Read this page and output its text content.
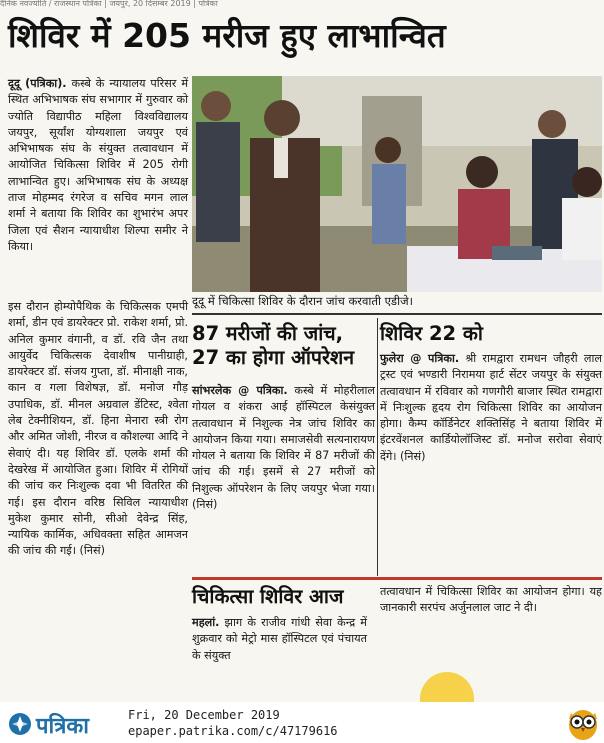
दैनिक नवज्योति / राजस्थान पत्रिका | जयपुर, 20 दिसम्बर 2019 | पत्रिका
शिविर में 205 मरीज हुए लाभान्वित
दूदू (पत्रिका). कस्बे के न्यायालय परिसर में स्थित अभिभाषक संघ सभागार में गुरुवार को ज्योति विद्यापीठ महिला विश्वविद्यालय जयपुर, सूर्यांश योग्यशाला जयपुर एवं अभिभाषक संघ के संयुक्त तत्वावधान में आयोजित चिकित्सा शिविर में 205 रोगी लाभान्वित हुए। अभिभाषक संघ के अध्यक्ष ताज मोहम्मद रंगरेज व सचिव मगन लाल शर्मा ने बताया कि शिविर का शुभारंभ अपर जिला एवं सैशन न्यायाधीश शिल्पा समीर ने किया।
इस दौरान होम्योपैथिक के चिकित्सक एमपी शर्मा, डीन एवं डायरेक्टर प्रो. राकेश शर्मा, प्रो. अनिल कुमार वंगानी, व डॉ. रवि जैन तथा आयुर्वेद चिकित्सक देवाशीष पानीग्राही, डायरेक्टर डॉ. संजय गुप्ता, डॉ. मीनाक्षी नाक, कान व गला विशेषज्ञ, डॉ. मनोज गौड़ उपाधिक, डॉ. मीनल अग्रवाल डेंटिस्ट, श्वेता लेब टेक्नीशियन, डॉ. हिना मेनारा स्त्री रोग और अमित जोशी, नीरज व कौशल्या आदि ने सेवाएं दी। यह शिविर डॉ. एलके शर्मा की देखरेख में आयोजित हुआ। शिविर में रोगियों की जांच कर निःशुल्क दवा भी वितरित की गई। इस दौरान वरिष्ठ सिविल न्यायाधीश मुकेश कुमार सोनी, सीओ देवेन्द्र सिंह, न्यायिक कार्मिक, अधिवक्ता सहित आमजन की जांच की गई। (निसं)
दूदू में चिकित्सा शिविर के दौरान जांच करवाती एडीजे।
87 मरीजों की जांच, 27 का होगा ऑपरेशन
सांभरलेक @ पत्रिका. कस्बे में मोहरीलाल गोयल व शंकरा आई हॉस्पिटल केसंयुक्त तत्वावधान में निशुल्क नेत्र जांच शिविर का आयोजन किया गया। समाजसेवी सत्यनारायण गोयल ने बताया कि शिविर में 87 मरीजों की जांच की गई। इसमें से 27 मरीजों को निशुल्क ऑपरेशन के लिए जयपुर भेजा गया। (निसं)
शिविर 22 को
फुलेरा @ पत्रिका. श्री रामद्वारा रामधन जौहरी लाल ट्रस्ट एवं भण्डारी निरामया हार्ट सेंटर जयपुर के संयुक्त तत्वावधान में रविवार को गणगौरी बाजार स्थित रामद्वारा में निःशुल्क हृदय रोग चिकित्सा शिविर का आयोजन होगा। कैम्प कॉर्डिनेटर शक्तिसिंह ने बताया शिविर में इंटरवेंशनल कार्डियोलॉजिस्ट डॉ. मनोज सरोवा सेवाएं देंगे। (निसं)
चिकित्सा शिविर आज
महलां. झाग के राजीव गांधी सेवा केन्द्र में शुक्रवार को मेट्रो मास हॉस्पिटल एवं पंचायत के संयुक्त
तत्वावधान में चिकित्सा शिविर का आयोजन होगा। यह जानकारी सरपंच अर्जुनलाल जाट ने दी।
पत्रिका	Fri, 20 December 2019
epaper.patrika.com/c/47179616
